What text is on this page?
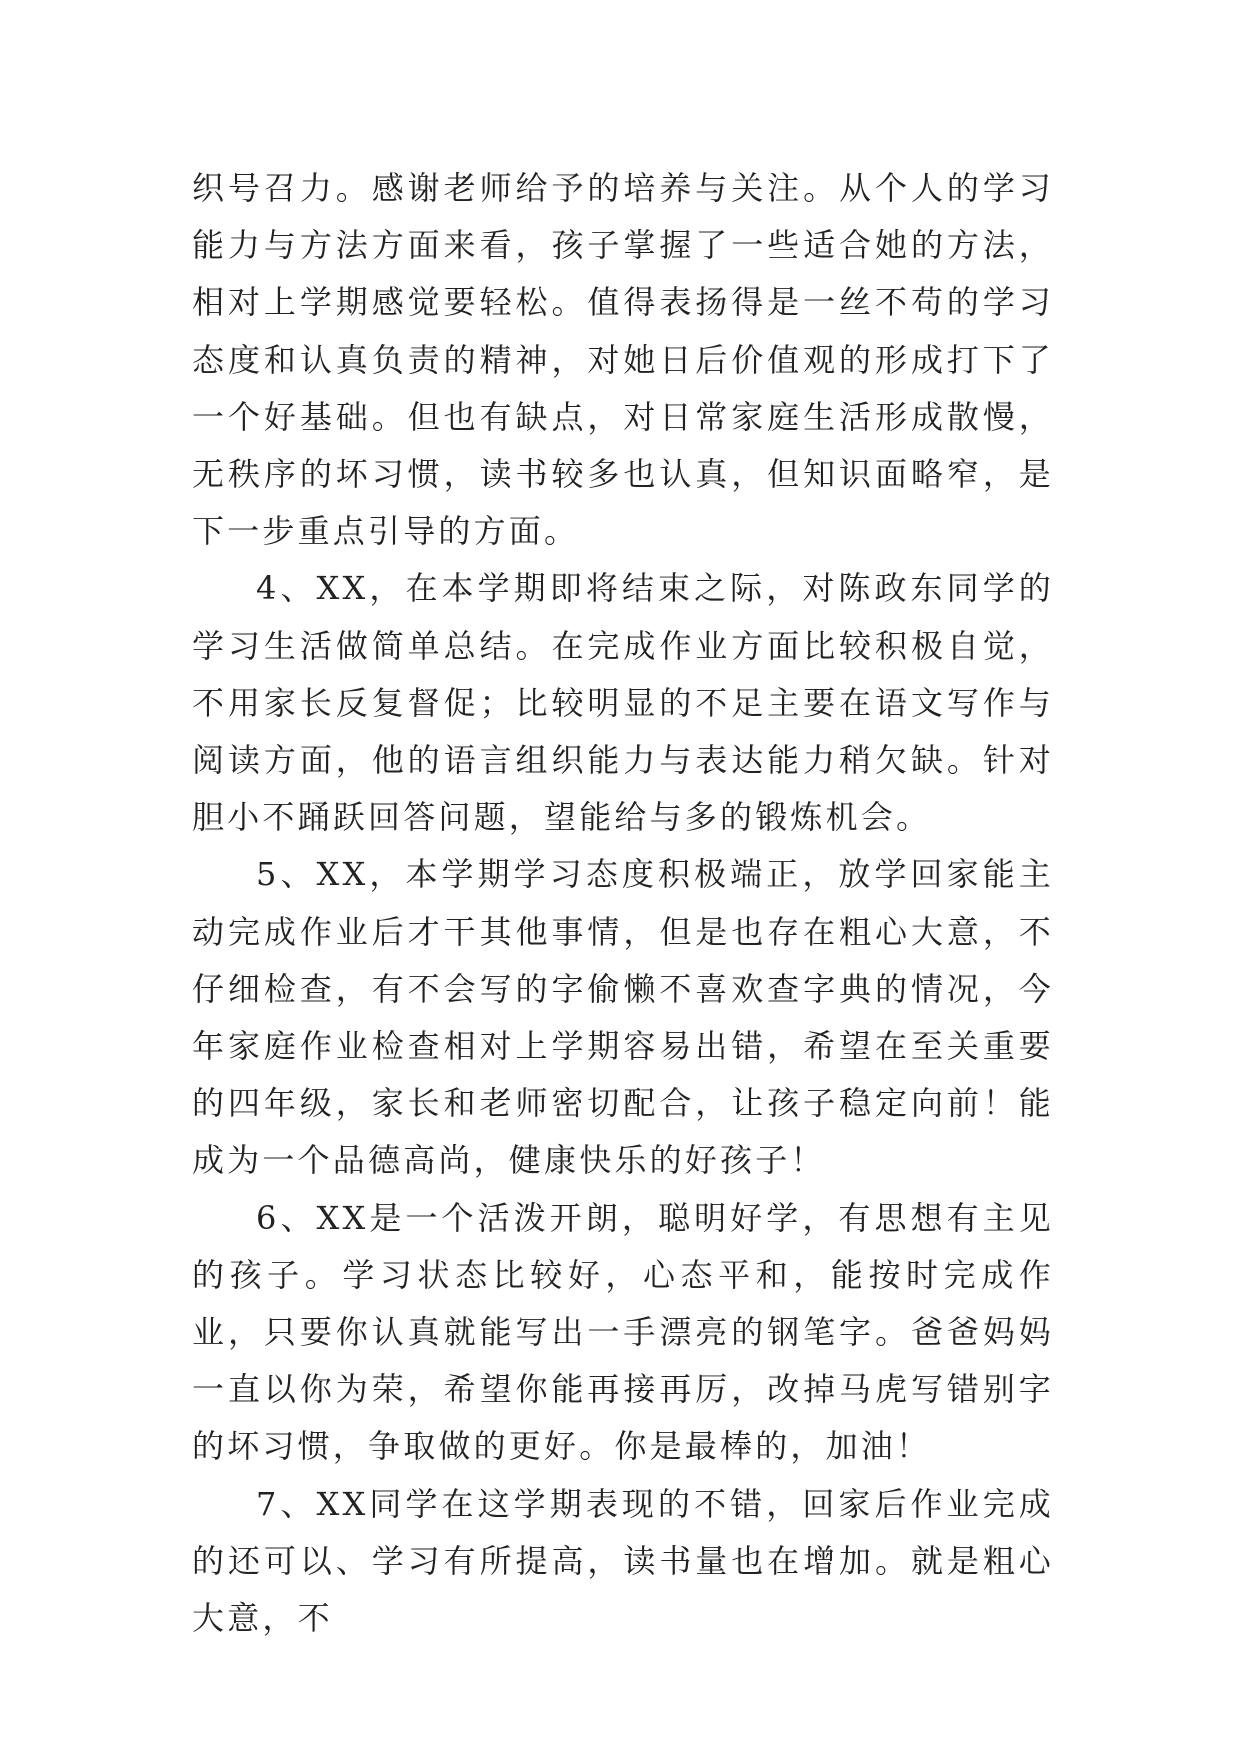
织号召力。感谢老师给予的培养与关注。从个人的学习能力与方法方面来看，孩子掌握了一些适合她的方法，相对上学期感觉要轻松。值得表扬得是一丝不苟的学习态度和认真负责的精神，对她日后价值观的形成打下了一个好基础。但也有缺点，对日常家庭生活形成散慢，无秩序的坏习惯，读书较多也认真，但知识面略窄，是下一步重点引导的方面。

4、XX，在本学期即将结束之际，对陈政东同学的学习生活做简单总结。在完成作业方面比较积极自觉，不用家长反复督促；比较明显的不足主要在语文写作与阅读方面，他的语言组织能力与表达能力稍欠缺。针对胆小不踊跃回答问题，望能给与多的锻炼机会。

5、XX，本学期学习态度积极端正，放学回家能主动完成作业后才干其他事情，但是也存在粗心大意，不仔细检查，有不会写的字偷懒不喜欢查字典的情况，今年家庭作业检查相对上学期容易出错，希望在至关重要的四年级，家长和老师密切配合，让孩子稳定向前！能成为一个品德高尚，健康快乐的好孩子！

6、XX是一个活泼开朗，聪明好学，有思想有主见的孩子。学习状态比较好，心态平和，能按时完成作业，只要你认真就能写出一手漂亮的钢笔字。爸爸妈妈一直以你为荣，希望你能再接再厉，改掉马虎写错别字的坏习惯，争取做的更好。你是最棒的，加油！

7、XX同学在这学期表现的不错，回家后作业完成的还可以、学习有所提高，读书量也在增加。就是粗心大意，不
